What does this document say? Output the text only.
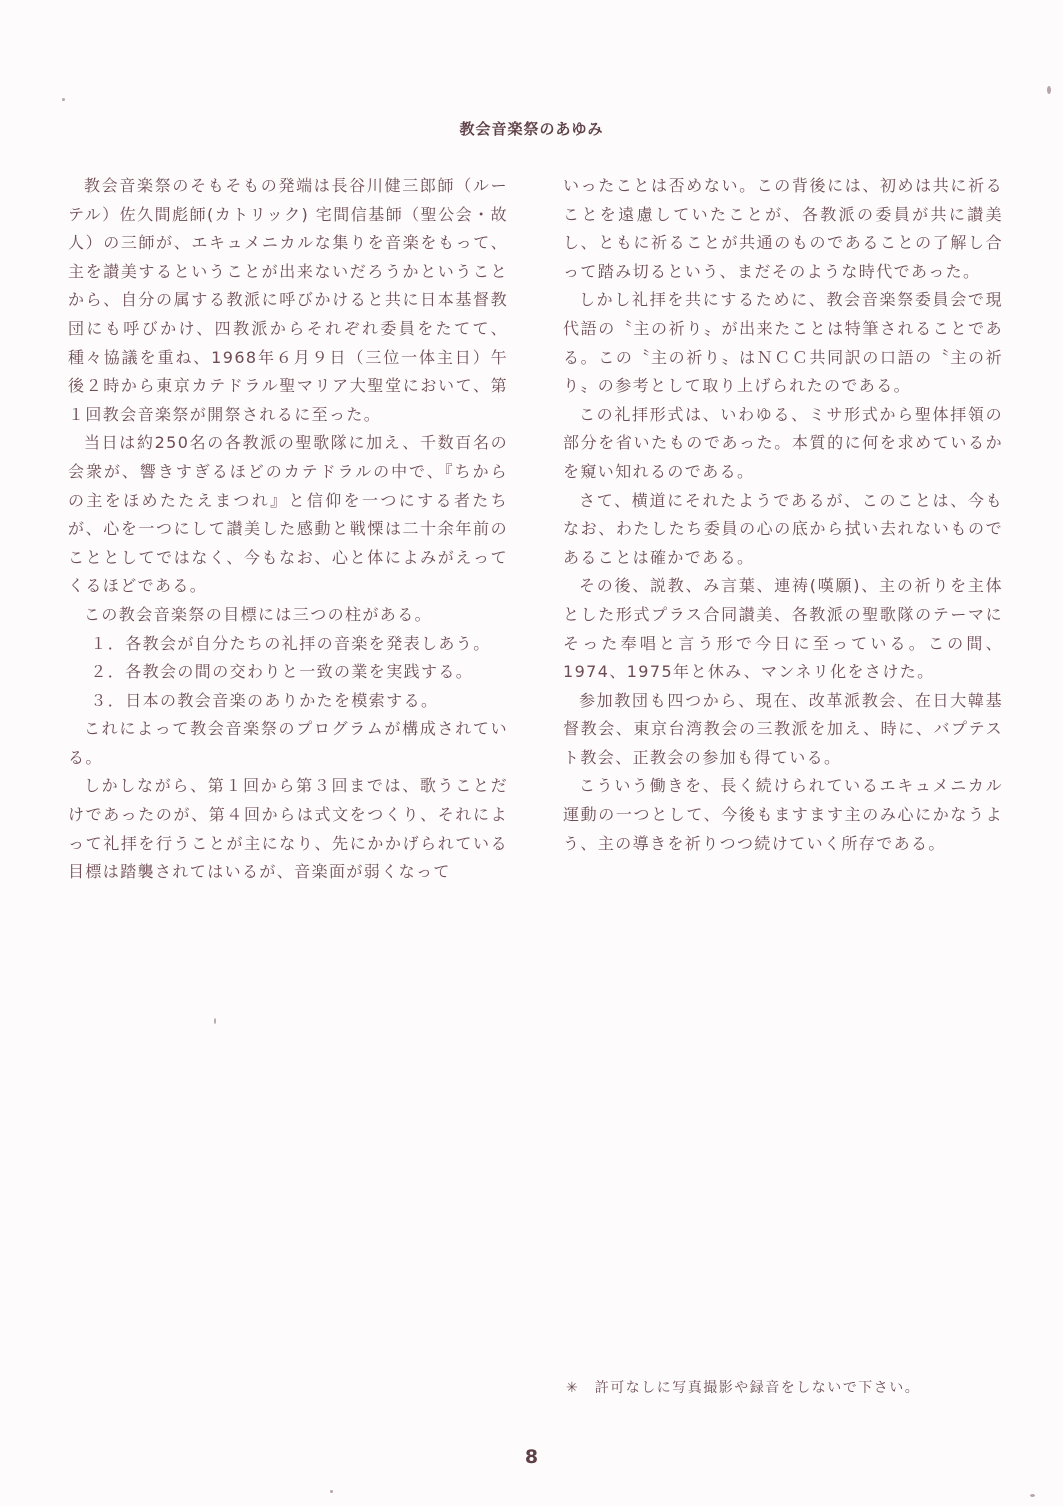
教会音楽祭のあゆみ

教会音楽祭のそもそもの発端は長谷川健三郎師（ルーテル）佐久間彪師(カトリック) 宅間信基師（聖公会・故人）の三師が、エキュメニカルな集りを音楽をもって、主を讃美するということが出来ないだろうかということから、自分の属する教派に呼びかけると共に日本基督教団にも呼びかけ、四教派からそれぞれ委員をたてて、種々協議を重ね、1968年６月９日（三位一体主日）午後２時から東京カテドラル聖マリア大聖堂において、第１回教会音楽祭が開祭されるに至った。

当日は約250名の各教派の聖歌隊に加え、千数百名の会衆が、響きすぎるほどのカテドラルの中で、『ちからの主をほめたたえまつれ』と信仰を一つにする者たちが、心を一つにして讃美した感動と戦慄は二十余年前のこととしてではなく、今もなお、心と体によみがえってくるほどである。

この教会音楽祭の目標には三つの柱がある。

１．各教会が自分たちの礼拝の音楽を発表しあう。

２．各教会の間の交わりと一致の業を実践する。

３．日本の教会音楽のありかたを模索する。

これによって教会音楽祭のプログラムが構成されている。

しかしながら、第１回から第３回までは、歌うことだけであったのが、第４回からは式文をつくり、それによって礼拝を行うことが主になり、先にかかげられている目標は踏襲されてはいるが、音楽面が弱くなって

いったことは否めない。この背後には、初めは共に祈ることを遠慮していたことが、各教派の委員が共に讃美し、ともに祈ることが共通のものであることの了解し合って踏み切るという、まだそのような時代であった。

しかし礼拝を共にするために、教会音楽祭委員会で現代語の〝主の祈り〟が出来たことは特筆されることである。この〝主の祈り〟はＮＣＣ共同訳の口語の〝主の祈り〟の参考として取り上げられたのである。

この礼拝形式は、いわゆる、ミサ形式から聖体拝領の部分を省いたものであった。本質的に何を求めているかを窺い知れるのである。

さて、横道にそれたようであるが、このことは、今もなお、わたしたち委員の心の底から拭い去れないものであることは確かである。

その後、説教、み言葉、連祷(嘆願)、主の祈りを主体とした形式プラス合同讃美、各教派の聖歌隊のテーマにそった奉唱と言う形で今日に至っている。この間、1974、1975年と休み、マンネリ化をさけた。

参加教団も四つから、現在、改革派教会、在日大韓基督教会、東京台湾教会の三教派を加え、時に、バプテスト教会、正教会の参加も得ている。

こういう働きを、長く続けられているエキュメニカル運動の一つとして、今後もますます主のみ心にかなうよう、主の導きを祈りつつ続けていく所存である。

✳　許可なしに写真撮影や録音をしないで下さい。
8
